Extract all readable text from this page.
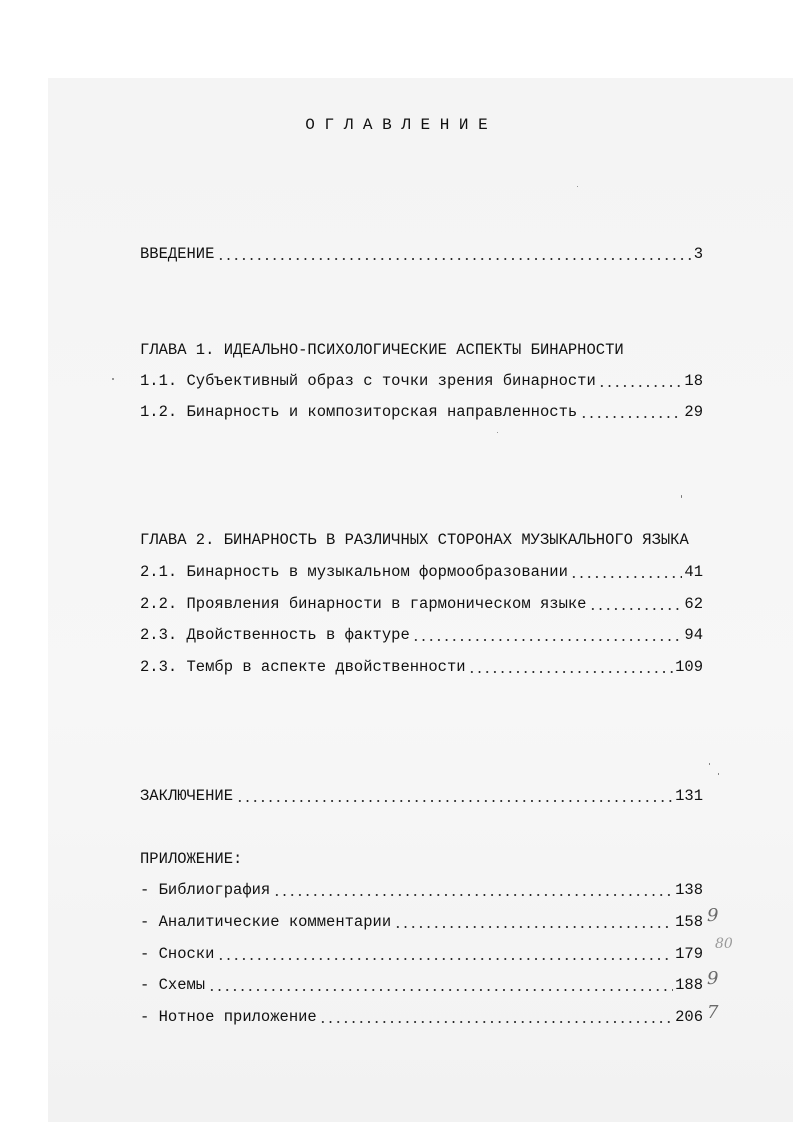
О Г Л А В Л Е Н И Е
ВВЕДЕНИЕ	3
ГЛАВА 1. ИДЕАЛЬНО-ПСИХОЛОГИЧЕСКИЕ АСПЕКТЫ БИНАРНОСТИ
1.1. Субъективный образ с точки зрения бинарности	18
1.2. Бинарность и композиторская направленность	29
ГЛАВА 2. БИНАРНОСТЬ В РАЗЛИЧНЫХ СТОРОНАХ МУЗЫКАЛЬНОГО ЯЗЫКА
2.1. Бинарность в музыкальном формообразовании	41
2.2. Проявления бинарности в гармоническом языке	62
2.3. Двойственность в фактуре	94
2.3. Тембр в аспекте двойственности	109
ЗАКЛЮЧЕНИЕ	131
ПРИЛОЖЕНИЕ:
- Библиография	138
- Аналитические комментарии	158
- Сноски	179
- Схемы	188
- Нотное приложение	206
9
80
9
7
